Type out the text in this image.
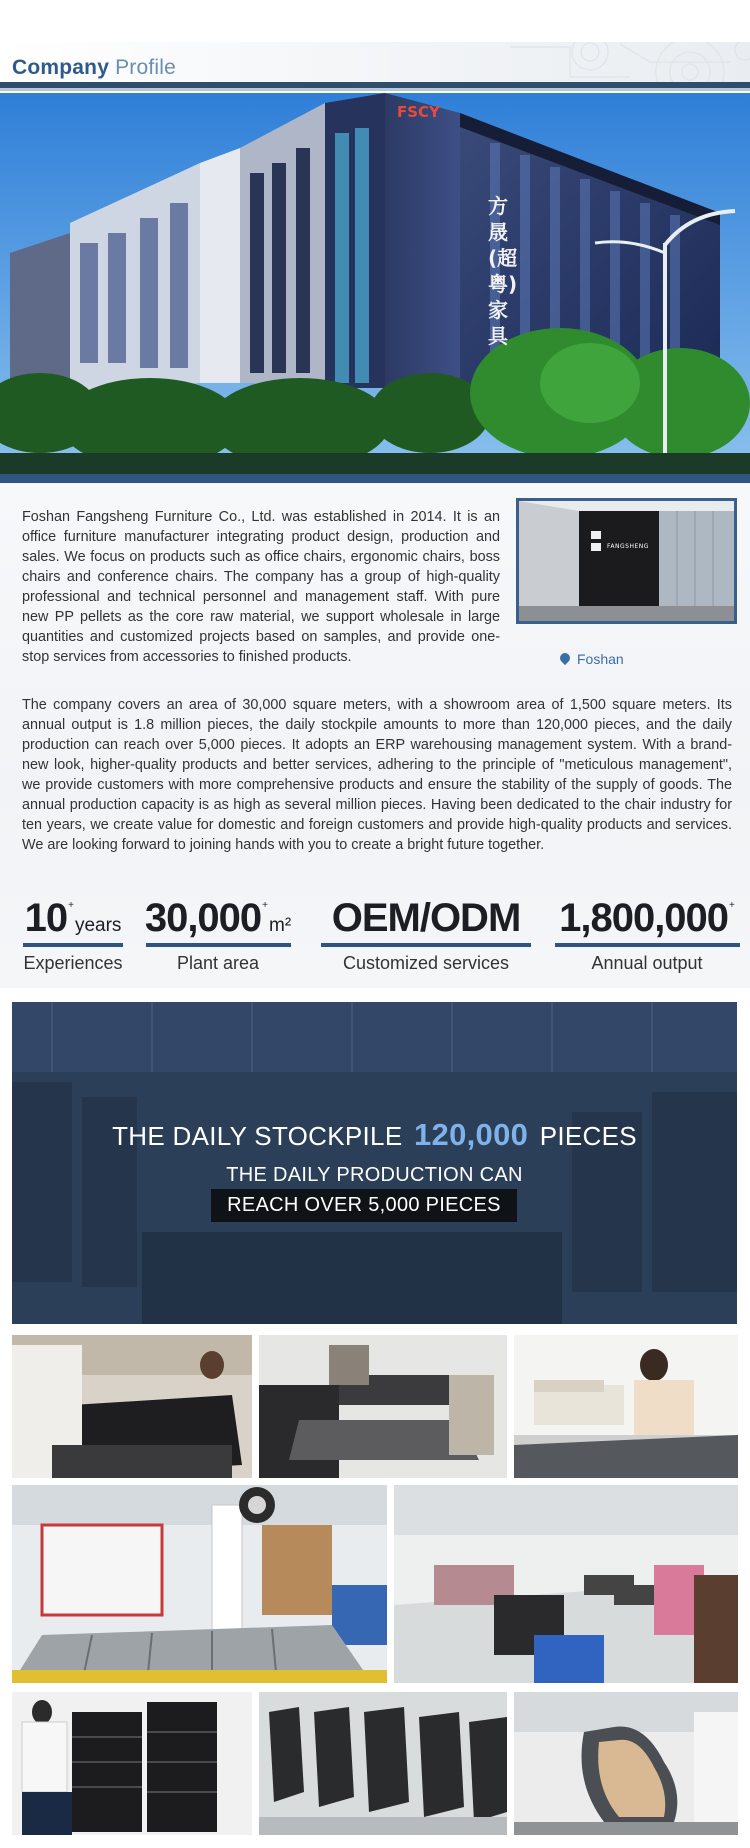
Company Profile
FSCY
方晟(超粤)家具

Foshan Fangsheng Furniture Co., Ltd. was established in 2014. It is an office furniture manufacturer integrating product design, production and sales. We focus on products such as office chairs, ergonomic chairs, boss chairs and conference chairs. The company has a group of high-quality professional and technical personnel and management staff. With pure new PP pellets as the core raw material, we support wholesale in large quantities and customized projects based on samples, and provide one-stop services from accessories to finished products.

FANGSHENG
Foshan

The company covers an area of 30,000 square meters, with a showroom area of 1,500 square meters. Its annual output is 1.8 million pieces, the daily stockpile amounts to more than 120,000 pieces, and the daily production can reach over 5,000 pieces. It adopts an ERP warehousing management system. With a brand-new look, higher-quality products and better services, adhering to the principle of "meticulous management", we provide customers with more comprehensive products and ensure the stability of the supply of goods. The annual production capacity is as high as several million pieces. Having been dedicated to the chair industry for ten years, we create value for domestic and foreign customers and provide high-quality products and services. We are looking forward to joining hands with you to create a bright future together.

10+years
Experiences
30,000+m²
Plant area
OEM/ODM
Customized services
1,800,000+
Annual output
THE DAILY STOCKPILE 120,000 PIECES
THE DAILY PRODUCTION CAN
REACH OVER 5,000 PIECES
